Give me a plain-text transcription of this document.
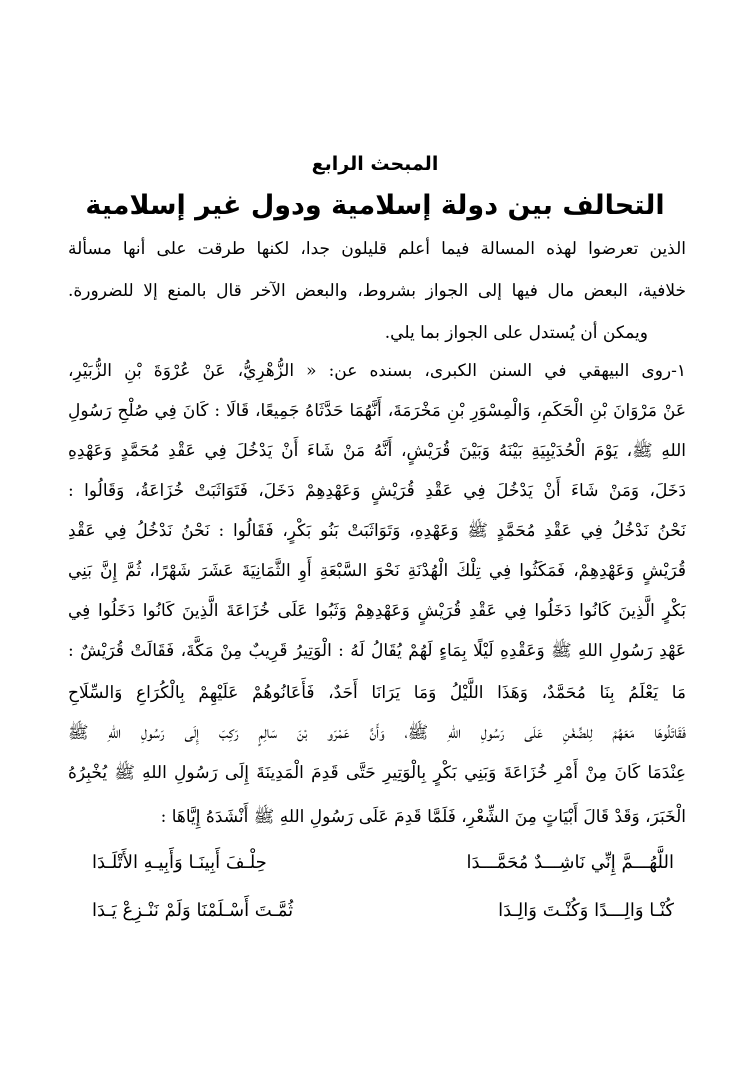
المبحث الرابع
التحالف بين دولة إسلامية ودول غير إسلامية
الذين تعرضوا لهذه المسالة فيما أعلم قليلون جدا، لكنها طرقت على أنها مسألة
خلافية، البعض مال فيها إلى الجواز بشروط، والبعض الآخر قال بالمنع إلا للضرورة.
ويمكن أن يُستدل على الجواز بما يلي.
١-روى البيهقي في السنن الكبرى، بسنده عن: « الزُّهْرِيُّ، عَنْ عُرْوَةَ بْنِ الزُّبَيْرِ،
عَنْ مَرْوَانَ بْنِ الْحَكَمِ، وَالْمِسْوَرِ بْنِ مَخْرَمَةَ، أَنَّهُمَا حَدَّثَاهُ جَمِيعًا، قَالَا : كَانَ فِي صُلْحِ رَسُولِ
اللهِ ﷺ، يَوْمَ الْحُدَيْبِيَةِ بَيْنَهُ وَبَيْنَ قُرَيْشٍ، أَنَّهُ مَنْ شَاءَ أَنْ يَدْخُلَ فِي عَقْدِ مُحَمَّدٍ وَعَهْدِهِ
دَخَلَ، وَمَنْ شَاءَ أَنْ يَدْخُلَ فِي عَقْدِ قُرَيْشٍ وَعَهْدِهِمْ دَخَلَ، فَتَوَاثَبَتْ خُزَاعَةُ، وَقَالُوا :
نَحْنُ نَدْخُلُ فِي عَقْدِ مُحَمَّدٍ ﷺ وَعَهْدِهِ، وَتَوَاثَبَتْ بَنُو بَكْرٍ، فَقَالُوا : نَحْنُ نَدْخُلُ فِي عَقْدِ
قُرَيْشٍ وَعَهْدِهِمْ، فَمَكَثُوا فِي تِلْكَ الْهُدْنَةِ نَحْوَ السَّبْعَةِ أَوِ الثَّمَانِيَةَ عَشَرَ شَهْرًا، ثُمَّ إِنَّ بَنِي
بَكْرٍ الَّذِينَ كَانُوا دَخَلُوا فِي عَقْدِ قُرَيْشٍ وَعَهْدِهِمْ وَثَبُوا عَلَى خُزَاعَةَ الَّذِينَ كَانُوا دَخَلُوا فِي
عَهْدِ رَسُولِ اللهِ ﷺ وَعَقْدِهِ لَيْلًا بِمَاءٍ لَهُمْ يُقَالُ لَهُ : الْوَتِيرُ قَرِيبٌ مِنْ مَكَّةَ، فَقَالَتْ قُرَيْشٌ :
مَا يَعْلَمُ بِنَا مُحَمَّدٌ، وَهَذَا اللَّيْلُ وَمَا يَرَانَا أَحَدٌ، فَأَعَانُوهُمْ عَلَيْهِمْ بِالْكُرَاعِ وَالسِّلَاحِ
فَقَاتَلُوهَا مَعَهُمْ لِلضِّغْنِ عَلَى رَسُولِ اللهِ ﷺ، وَأَنَّ عَمْرَو بْنَ سَالِمٍ رَكِبَ إِلَى رَسُولِ اللهِ ﷺ
عِنْدَمَا كَانَ مِنْ أَمْرِ خُزَاعَةَ وَبَنِي بَكْرٍ بِالْوَتِيرِ حَتَّى قَدِمَ الْمَدِينَةَ إِلَى رَسُولِ اللهِ ﷺ يُخْبِرُهُ
الْخَبَرَ، وَقَدْ قَالَ أَبْيَاتٍ مِنَ الشِّعْرِ، فَلَمَّا قَدِمَ عَلَى رَسُولِ اللهِ ﷺ أَنْشَدَهُ إِيَّاهَا :
اللَّهُـــمَّ إِنِّي نَاشِـــدٌ مُحَمَّـــدَا
حِلْـفَ أَبِينَـا وَأَبِيـهِ الأَتْلَـدَا
كُنْـا وَالِـــدًا وَكُنْـتَ وَالِـدَا
ثُمَّـتَ أَسْـلَمْنَا وَلَمْ نَنْـزِعْ يَـدَا
